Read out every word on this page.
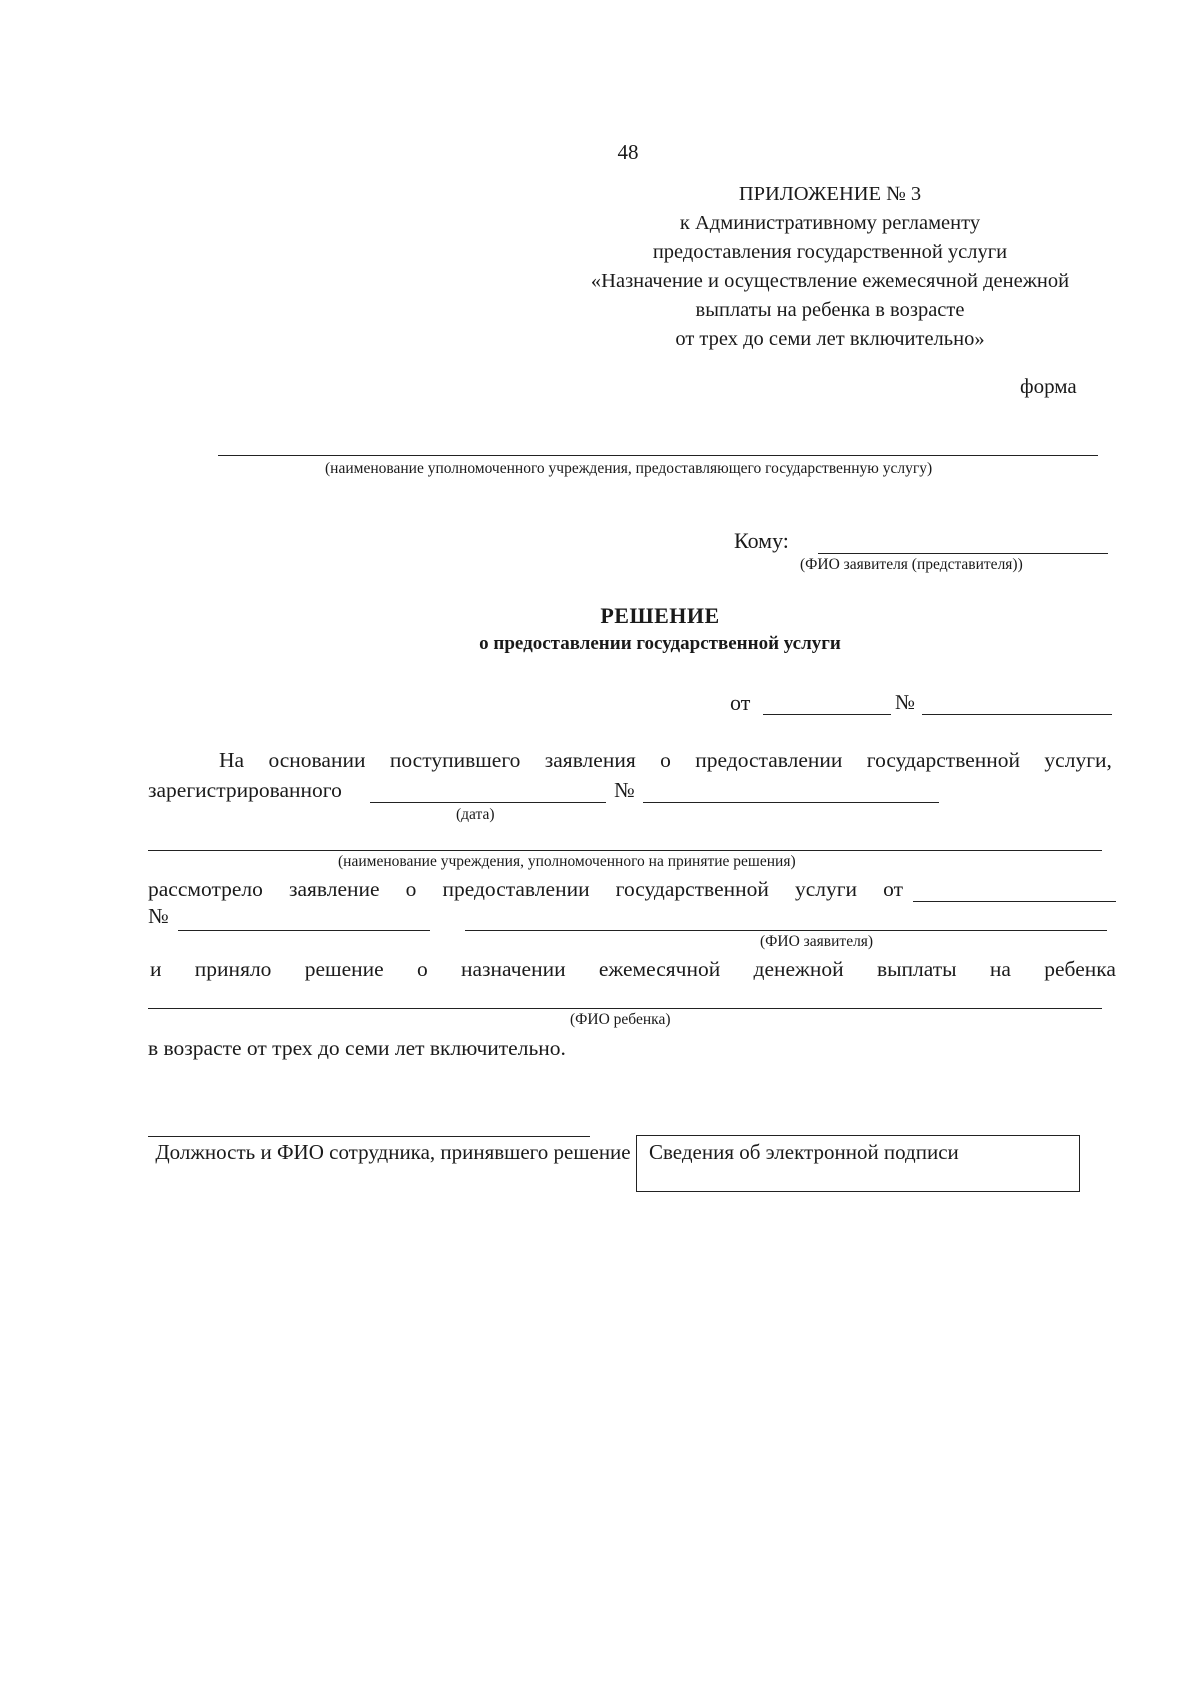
48
ПРИЛОЖЕНИЕ № 3
к Административному регламенту
предоставления государственной услуги
«Назначение и осуществление ежемесячной денежной
выплаты на ребенка в возрасте
от трех до семи лет включительно»
форма
(наименование уполномоченного учреждения, предоставляющего государственную услугу)
Кому:
(ФИО заявителя (представителя))
РЕШЕНИЕ
о предоставлении государственной услуги
от	№
На основании поступившего заявления о предоставлении государственной услуги,
зарегистрированного	№
(дата)
(наименование учреждения, уполномоченного на принятие решения)
рассмотрело заявление о предоставлении государственной услуги от
№
(ФИО заявителя)
и приняло решение о назначении ежемесячной денежной выплаты на ребенка
(ФИО ребенка)
в возрасте от трех до семи лет включительно.
Должность и ФИО сотрудника, принявшего решение Сведения об электронной подписи
